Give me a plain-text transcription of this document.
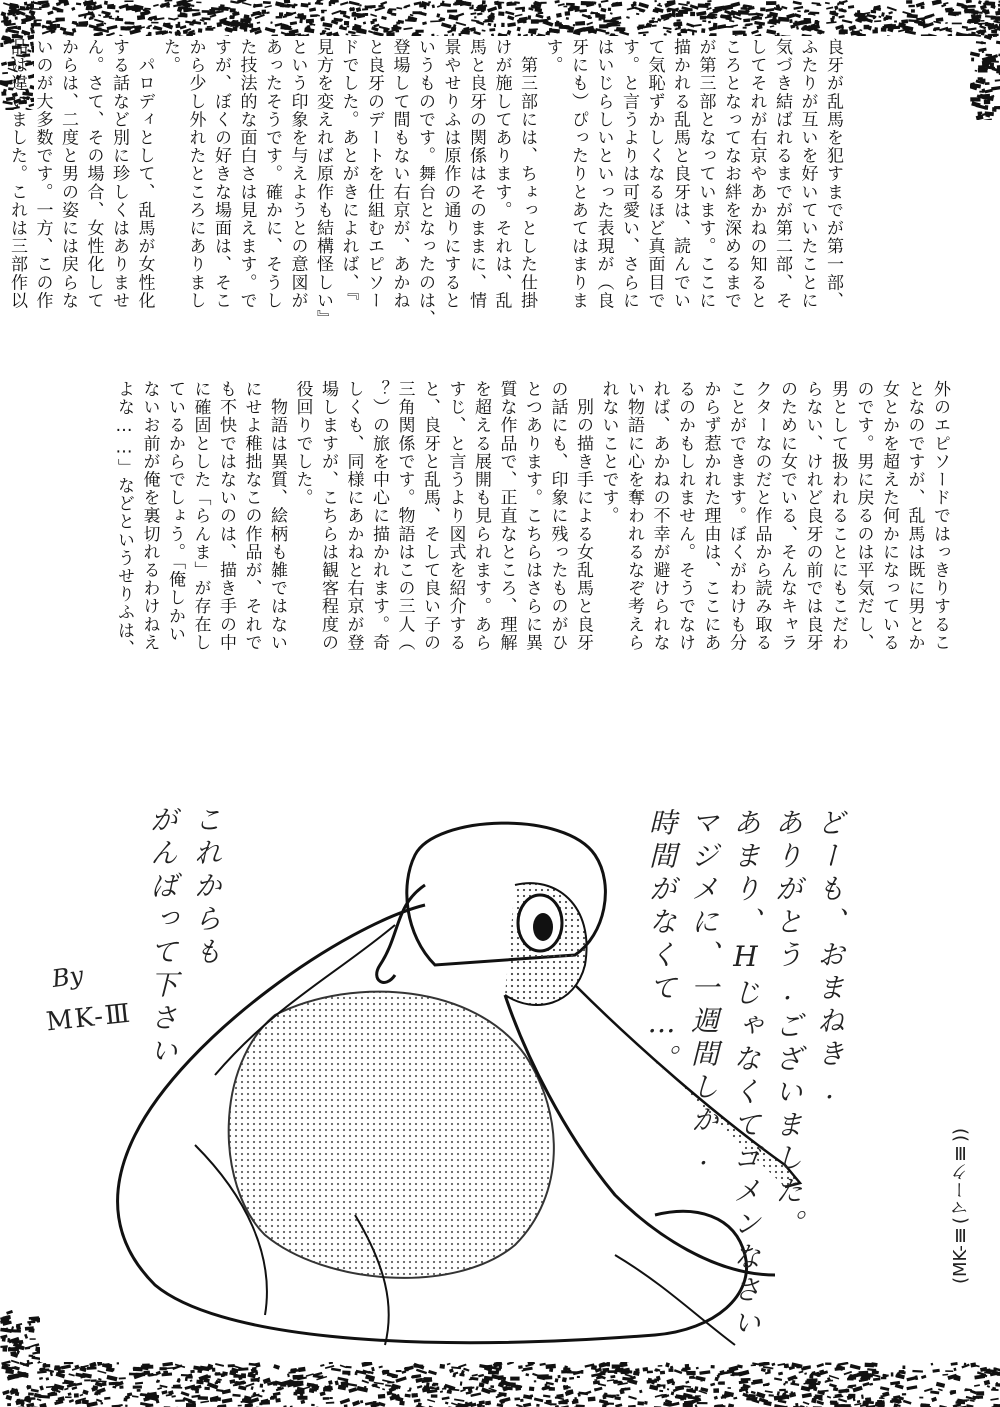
良牙が乱馬を犯すまでが第一部、
ふたりが互いを好いていたことに
気づき結ばれるまでが第二部、そ
してそれが右京やあかねの知ると
ころとなってなお絆を深めるまで
が第三部となっています。ここに
描かれる乱馬と良牙は、読んでい
て気恥ずかしくなるほど真面目で
す。と言うよりは可愛い、さらに
はいじらしいといった表現が（良
牙にも）ぴったりとあてはまりま
す。
　第三部には、ちょっとした仕掛
けが施してあります。それは、乱
馬と良牙の関係はそのままに、情
景やせりふは原作の通りにすると
いうものです。舞台となったのは、
登場して間もない右京が、あかね
と良牙のデートを仕組むエピソー
ドでした。あとがきによれば、『
見方を変えれば原作も結構怪しい』
という印象を与えようとの意図が
あったそうです。確かに、そうし
た技法的な面白さは見えます。で
すが、ぼくの好きな場面は、そこ
から少し外れたところにありまし
た。
　パロディとして、乱馬が女性化
する話など別に珍しくはありませ
ん。さて、その場合、女性化して
からは、二度と男の姿には戻らな
いのが大多数です。一方、この作
品は違いました。これは三部作以
外のエピソードではっきりするこ
となのですが、乱馬は既に男とか
女とかを超えた何かになっている
のです。男に戻るのは平気だし、
男として扱われることにもこだわ
らない、けれど良牙の前では良牙
のために女でいる、そんなキャラ
クターなのだと作品から読み取る
ことができます。ぼくがわけも分
からず惹かれた理由は、ここにあ
るのかもしれません。そうでなけ
れば、あかねの不幸が避けられな
い物語に心を奪われるなぞ考えら
れないことです。
　別の描き手による女乱馬と良牙
の話にも、印象に残ったものがひ
とつあります。こちらはさらに異
質な作品で、正直なところ、理解
を超える展開も見られます。あら
すじ、と言うより図式を紹介する
と、良牙と乱馬、そして良い子の
三角関係です。物語はこの三人（
？）の旅を中心に描かれます。奇
しくも、同様にあかねと右京が登
場しますが、こちらは観客程度の
役回りでした。
　物語は異質、絵柄も雑ではない
にせよ稚拙なこの作品が、それで
も不快ではないのは、描き手の中
に確固とした「らんま」が存在し
ているからでしょう。「俺しかい
ないお前が俺を裏切れるわけねえ
よな……」などというせりふは、
どーも、おまねき.
ありがとう.ございました。
あまり、Hじゃなくてゴメンなさい
マジメに、一週間しか.
時間がなくて…。
これからも
がんばって下さい
By
MK-Ⅲ
(MK-Ⅲ(マークⅢ))
